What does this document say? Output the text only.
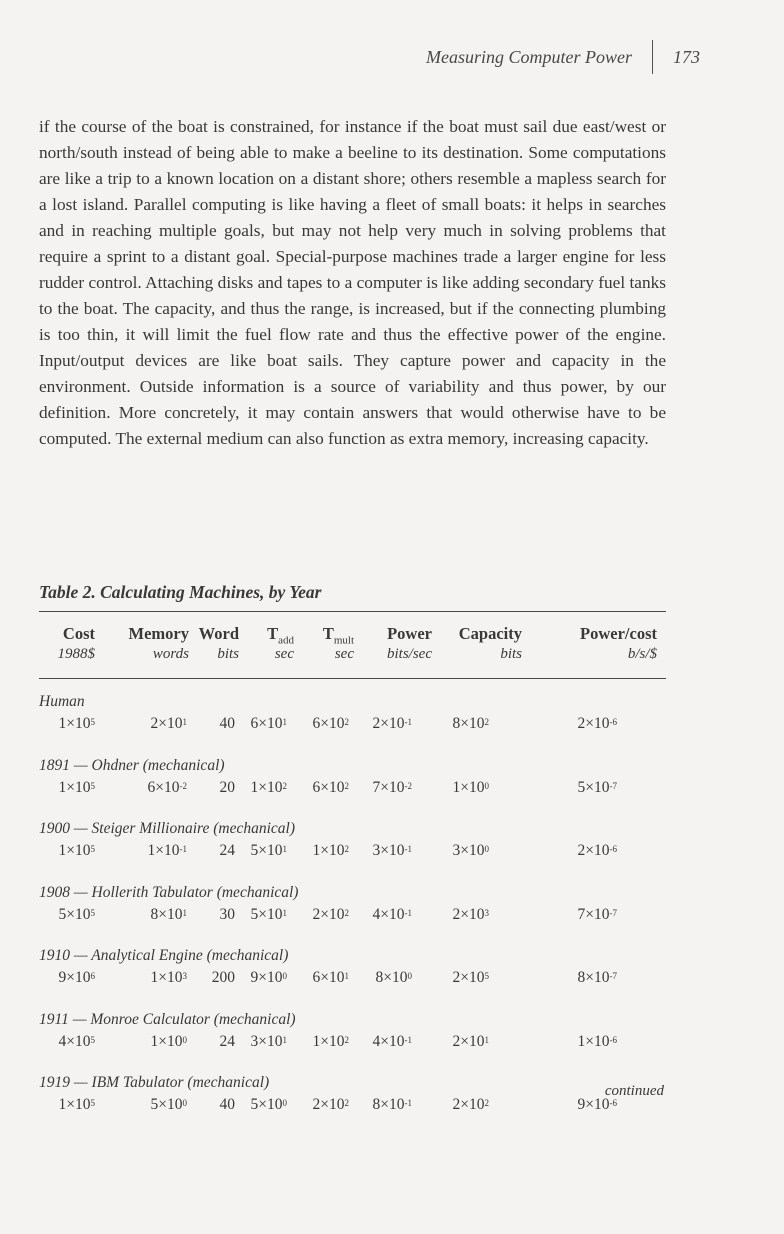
Measuring Computer Power 173

if the course of the boat is constrained, for instance if the boat must sail due east/west or north/south instead of being able to make a beeline to its destination. Some computations are like a trip to a known location on a distant shore; others resemble a mapless search for a lost island. Parallel computing is like having a fleet of small boats: it helps in searches and in reaching multiple goals, but may not help very much in solving problems that require a sprint to a distant goal. Special-purpose machines trade a larger engine for less rudder control. Attaching disks and tapes to a computer is like adding secondary fuel tanks to the boat. The capacity, and thus the range, is increased, but if the connecting plumbing is too thin, it will limit the fuel flow rate and thus the effective power of the engine. Input/output devices are like boat sails. They capture power and capacity in the environment. Outside information is a source of variability and thus power, by our definition. More concretely, it may contain answers that would otherwise have to be computed. The external medium can also function as extra memory, increasing capacity.

Table 2. Calculating Machines, by Year
Cost Memory Word $T_{add}$ $T_{mult}$ Power Capacity	Power/cost
1988$	words bits sec	sec bits/sec	bits	b/s/$
Human
$1\times 10^5$	$2\times 10^1$ 40 $6\times 10^1$ $6\times 10^2$ $2\times 10^{-1}$	$8\times 10^2$	$2\times 10^{-6}$
1891 — Ohdner (mechanical)
$1\times 10^5$	$6\times 10^{-2}$ 20 $1\times 10^2$ $6\times 10^2$ $7\times 10^{-2}$	$1\times 10^0$	$5\times 10^{-7}$
1900 — Steiger Millionaire (mechanical)
$1\times 10^5$	$1\times 10^{-1}$ 24 $5\times 10^1$ $1\times 10^2$ $3\times 10^{-1}$	$3\times 10^0$	$2\times 10^{-6}$
1908 — Hollerith Tabulator (mechanical)
$5\times 10^5$	$8\times 10^1$ 30 $5\times 10^1$ $2\times 10^2$ $4\times 10^{-1}$	$2\times 10^3$	$7\times 10^{-7}$
1910 — Analytical Engine (mechanical)
$9\times 10^6$	$1\times 10^3$ 200 $9\times 10^0$ $6\times 10^1$ $8\times 10^0$	$2\times 10^5$	$8\times 10^{-7}$
1911 — Monroe Calculator (mechanical)
$4\times 10^5$	$1\times 10^0$ 24 $3\times 10^1$ $1\times 10^2$ $4\times 10^{-1}$	$2\times 10^1$	$1\times 10^{-6}$
1919 — IBM Tabulator (mechanical)
$1\times 10^5$	$5\times 10^0$ 40 $5\times 10^0$ $2\times 10^2$ $8\times 10^{-1}$	$2\times 10^2$	$9\times 10^{-6}$
continued
